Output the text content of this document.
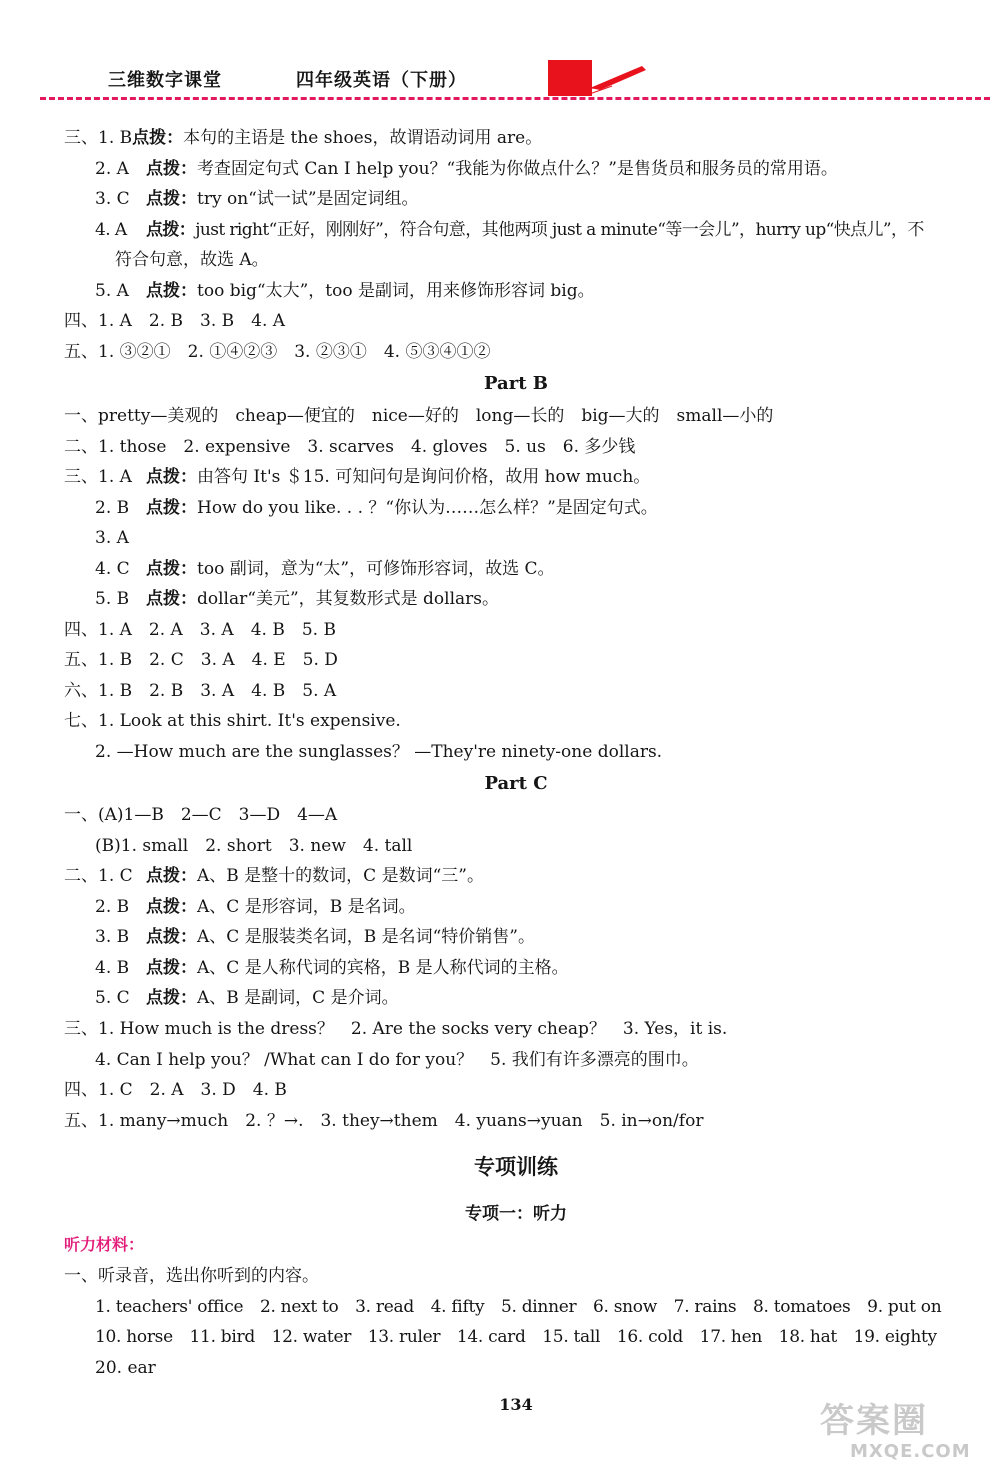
三维数字课堂	四年级英语（下册）
三、1. B点拨：本句的主语是 the shoes，故谓语动词用 are。
2. A 点拨：考查固定句式 Can I help you？“我能为你做点什么？”是售货员和服务员的常用语。
3. C 点拨：try on“试一试”是固定词组。
4. A 点拨：just right“正好，刚刚好”，符合句意，其他两项 just a minute“等一会儿”，hurry up“快点儿”，不
符合句意，故选 A。
5. A 点拨：too big“太大”，too 是副词，用来修饰形容词 big。
四、1. A　2. B　3. B　4. A
五、1. ③②①　2. ①④②③　3. ②③①　4. ⑤③④①②
Part B
一、pretty—美观的　cheap—便宜的　nice—好的　long—长的　big—大的　small—小的
二、1. those　2. expensive　3. scarves　4. gloves　5. us　6. 多少钱
三、1. A 点拨：由答句 It's ＄15. 可知问句是询问价格，故用 how much。
2. B 点拨：How do you like. . . ？“你认为……怎么样？”是固定句式。
3. A
4. C 点拨：too 副词，意为“太”，可修饰形容词，故选 C。
5. B 点拨：dollar“美元”，其复数形式是 dollars。
四、1. A　2. A　3. A　4. B　5. B
五、1. B　2. C　3. A　4. E　5. D
六、1. B　2. B　3. A　4. B　5. A
七、1. Look at this shirt. It's expensive.
2. —How much are the sunglasses？ —They're ninety-one dollars.
Part C
一、(A)1—B　2—C　3—D　4—A
(B)1. small　2. short　3. new　4. tall
二、1. C 点拨：A、B 是整十的数词，C 是数词“三”。
2. B 点拨：A、C 是形容词，B 是名词。
3. B 点拨：A、C 是服装类名词，B 是名词“特价销售”。
4. B 点拨：A、C 是人称代词的宾格，B 是人称代词的主格。
5. C 点拨：A、B 是副词，C 是介词。
三、1. How much is the dress？　2. Are the socks very cheap？　3. Yes，it is.
4. Can I help you？ /What can I do for you？　5. 我们有许多漂亮的围巾。
四、1. C　2. A　3. D　4. B
五、1. many→much　2. ？→.　3. they→them　4. yuans→yuan　5. in→on/for
专项训练
专项一：听力
听力材料：
一、听录音，选出你听到的内容。
1. teachers' office　2. next to　3. read　4. fifty　5. dinner　6. snow　7. rains　8. tomatoes　9. put on
10. horse　11. bird　12. water　13. ruler　14. card　15. tall　16. cold　17. hen　18. hat　19. eighty
20. ear
134	答案圈
MXQE.COM
